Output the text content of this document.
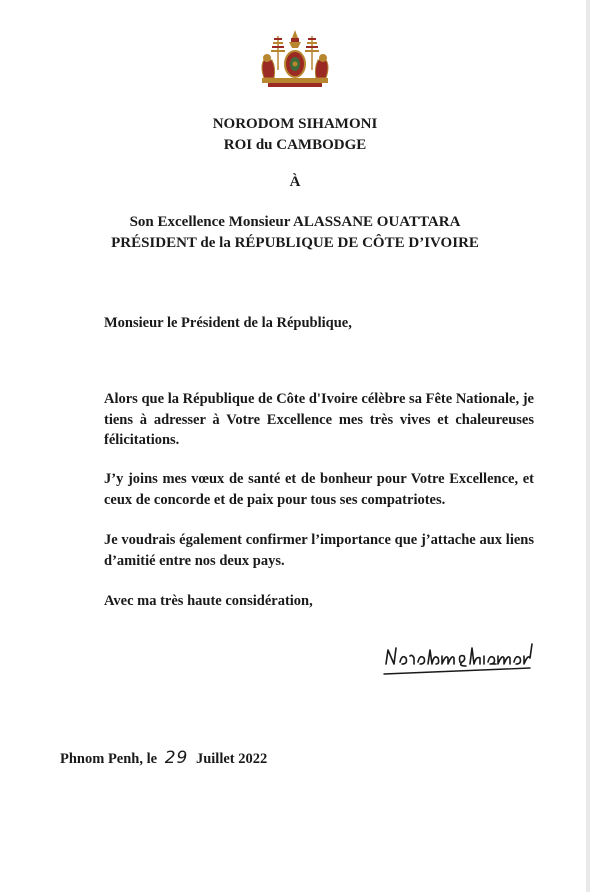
NORODOM SIHAMONI
ROI du CAMBODGE
À
Son Excellence Monsieur ALASSANE OUATTARA
PRÉSIDENT de la RÉPUBLIQUE DE CÔTE D’IVOIRE
Monsieur le Président de la République,
Alors que la République de Côte d'Ivoire célèbre sa Fête Nationale, je tiens à adresser à Votre Excellence mes très vives et chaleureuses félicitations.
J’y joins mes vœux de santé et de bonheur pour Votre Excellence, et ceux de concorde et de paix pour tous ses compatriotes.
Je voudrais également confirmer l’importance que j’attache aux liens d’amitié entre nos deux pays.
Avec ma très haute considération,
Phnom Penh, le 29 Juillet 2022
